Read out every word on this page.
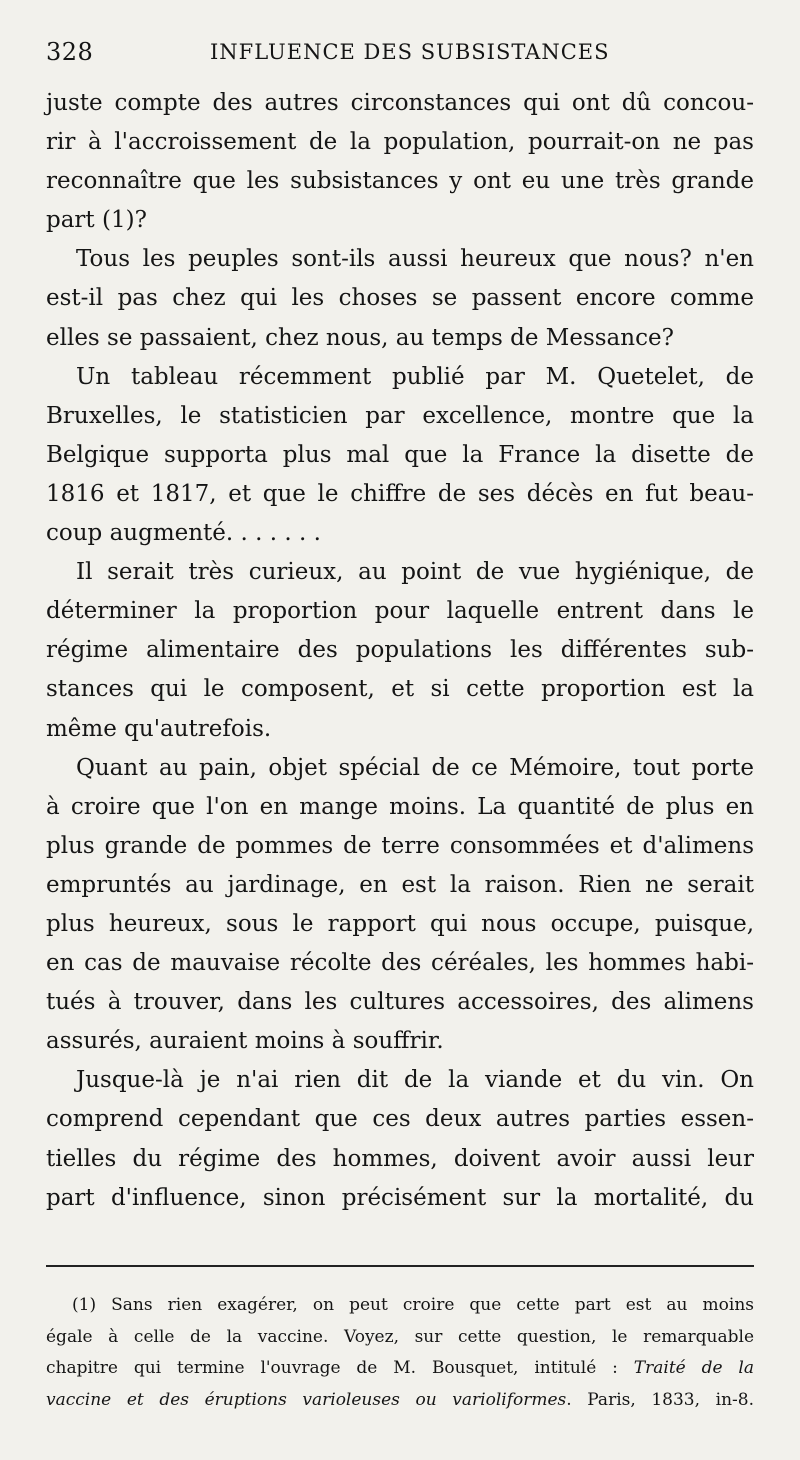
328	INFLUENCE DES SUBSISTANCES
juste compte des autres circonstances qui ont dû concou-
rir à l'accroissement de la population, pourrait-on ne pas
reconnaître que les subsistances y ont eu une très grande
part (1)?
Tous les peuples sont-ils aussi heureux que nous? n'en
est-il pas chez qui les choses se passent encore comme
elles se passaient, chez nous, au temps de Messance?
Un tableau récemment publié par M. Quetelet, de
Bruxelles, le statisticien par excellence, montre que la
Belgique supporta plus mal que la France la disette de
1816 et 1817, et que le chiffre de ses décès en fut beau-
coup augmenté. . . . . . .
Il serait très curieux, au point de vue hygiénique, de
déterminer la proportion pour laquelle entrent dans le
régime alimentaire des populations les différentes sub-
stances qui le composent, et si cette proportion est la
même qu'autrefois.
Quant au pain, objet spécial de ce Mémoire, tout porte
à croire que l'on en mange moins. La quantité de plus en
plus grande de pommes de terre consommées et d'alimens
empruntés au jardinage, en est la raison. Rien ne serait
plus heureux, sous le rapport qui nous occupe, puisque,
en cas de mauvaise récolte des céréales, les hommes habi-
tués à trouver, dans les cultures accessoires, des alimens
assurés, auraient moins à souffrir.
Jusque-là je n'ai rien dit de la viande et du vin. On
comprend cependant que ces deux autres parties essen-
tielles du régime des hommes, doivent avoir aussi leur
part d'influence, sinon précisément sur la mortalité, du
(1) Sans rien exagérer, on peut croire que cette part est au moins
égale à celle de la vaccine. Voyez, sur cette question, le remarquable
chapitre qui termine l'ouvrage de M. Bousquet, intitulé : Traité de la
vaccine et des éruptions varioleuses ou varioliformes. Paris, 1833, in-8.
